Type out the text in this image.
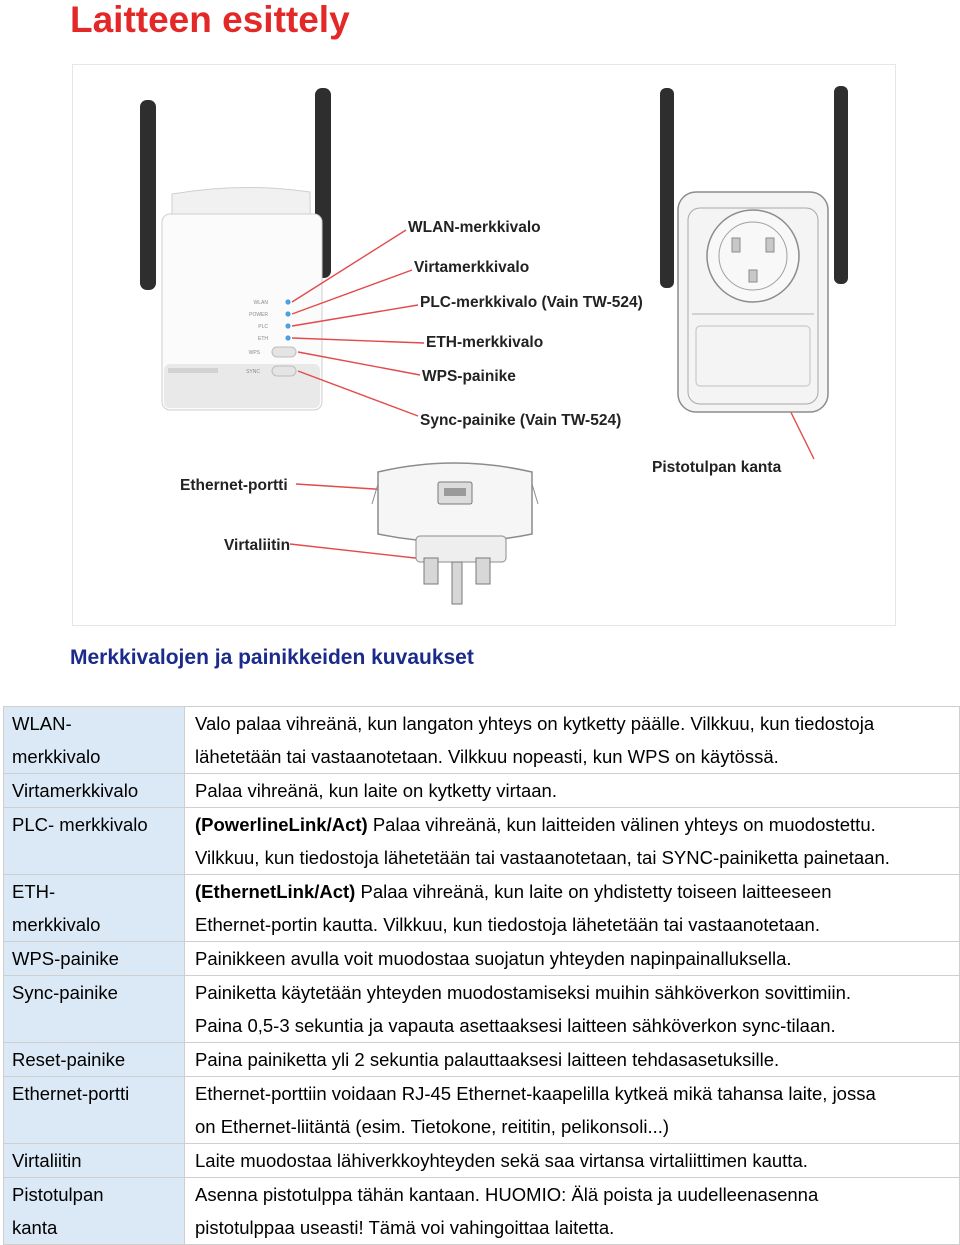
Laitteen esittely
WLAN
POWER
PLC
ETH
WPS
SYNC
WLAN-merkkivalo
Virtamerkkivalo
PLC-merkkivalo (Vain TW-524)
ETH-merkkivalo
WPS-painike
Sync-painike (Vain TW-524)
Ethernet-portti
Virtaliitin
Pistotulpan kanta
Merkkivalojen ja painikkeiden kuvaukset
WLAN-
merkkivalo	Valo palaa vihreänä, kun langaton yhteys on kytketty päälle. Vilkkuu, kun tiedostoja
lähetetään tai vastaanotetaan. Vilkkuu nopeasti, kun WPS on käytössä.
Virtamerkkivalo	Palaa vihreänä, kun laite on kytketty virtaan.
PLC- merkkivalo	(PowerlineLink/Act) Palaa vihreänä, kun laitteiden välinen yhteys on muodostettu.
Vilkkuu, kun tiedostoja lähetetään tai vastaanotetaan, tai SYNC-painiketta painetaan.
ETH-
merkkivalo	(EthernetLink/Act) Palaa vihreänä, kun laite on yhdistetty toiseen laitteeseen
Ethernet-portin kautta. Vilkkuu, kun tiedostoja lähetetään tai vastaanotetaan.
WPS-painike	Painikkeen avulla voit muodostaa suojatun yhteyden napinpainalluksella.
Sync-painike	Painiketta käytetään yhteyden muodostamiseksi muihin sähköverkon sovittimiin.
Paina 0,5-3 sekuntia ja vapauta asettaaksesi laitteen sähköverkon sync-tilaan.
Reset-painike	Paina painiketta yli 2 sekuntia palauttaaksesi laitteen tehdasasetuksille.
Ethernet-portti	Ethernet-porttiin voidaan RJ-45 Ethernet-kaapelilla kytkeä mikä tahansa laite, jossa
on Ethernet-liitäntä (esim. Tietokone, reititin, pelikonsoli...)
Virtaliitin	Laite muodostaa lähiverkkoyhteyden sekä saa virtansa virtaliittimen kautta.
Pistotulpan
kanta	Asenna pistotulppa tähän kantaan. HUOMIO: Älä poista ja uudelleenasenna
pistotulppaa useasti! Tämä voi vahingoittaa laitetta.
